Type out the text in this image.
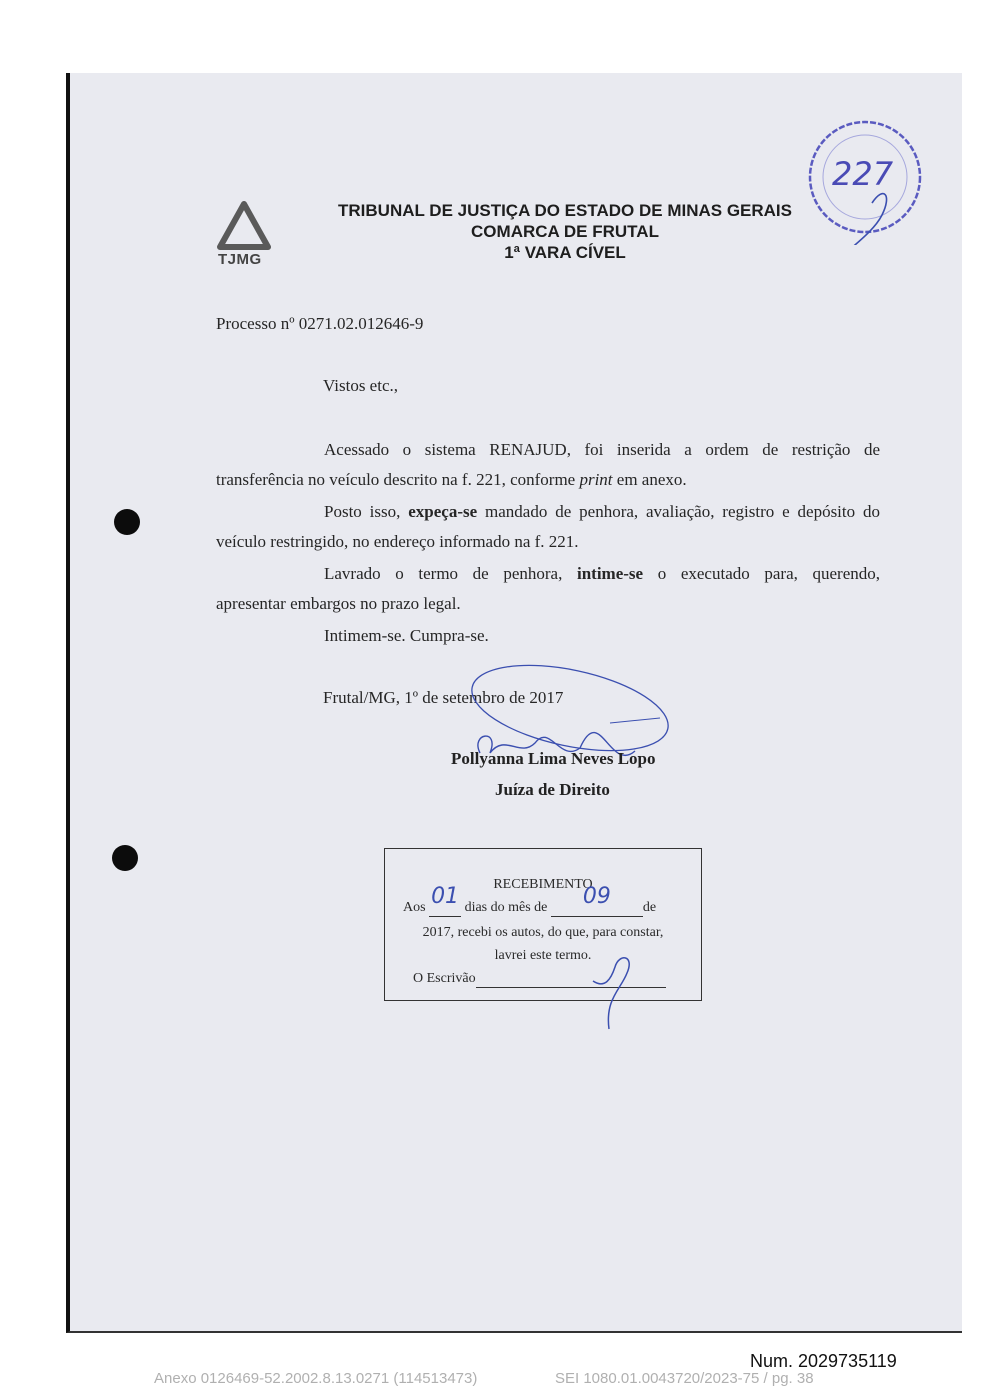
TJMG
TRIBUNAL DE JUSTIÇA DO ESTADO DE MINAS GERAIS
COMARCA DE FRUTAL
1ª VARA CÍVEL
227
Processo nº 0271.02.012646-9
Vistos etc.,
Acessado o sistema RENAJUD, foi inserida a ordem de restrição de
transferência no veículo descrito na f. 221, conforme print em anexo.
Posto isso, expeça-se mandado de penhora, avaliação, registro e depósito do
veículo restringido, no endereço informado na f. 221.
Lavrado o termo de penhora, intime-se o executado para, querendo,
apresentar embargos no prazo legal.
Intimem-se. Cumpra-se.
Frutal/MG, 1º de setembro de 2017
Pollyanna Lima Neves Lopo
Juíza de Direito
RECEBIMENTO
Aos 01 dias do mês de	09	de
2017, recebi os autos, do que, para constar,
lavrei este termo.
O Escrivão
Num. 2029735119
Anexo 0126469-52.2002.8.13.0271 (114513473)	SEI 1080.01.0043720/2023-75 / pg. 38
